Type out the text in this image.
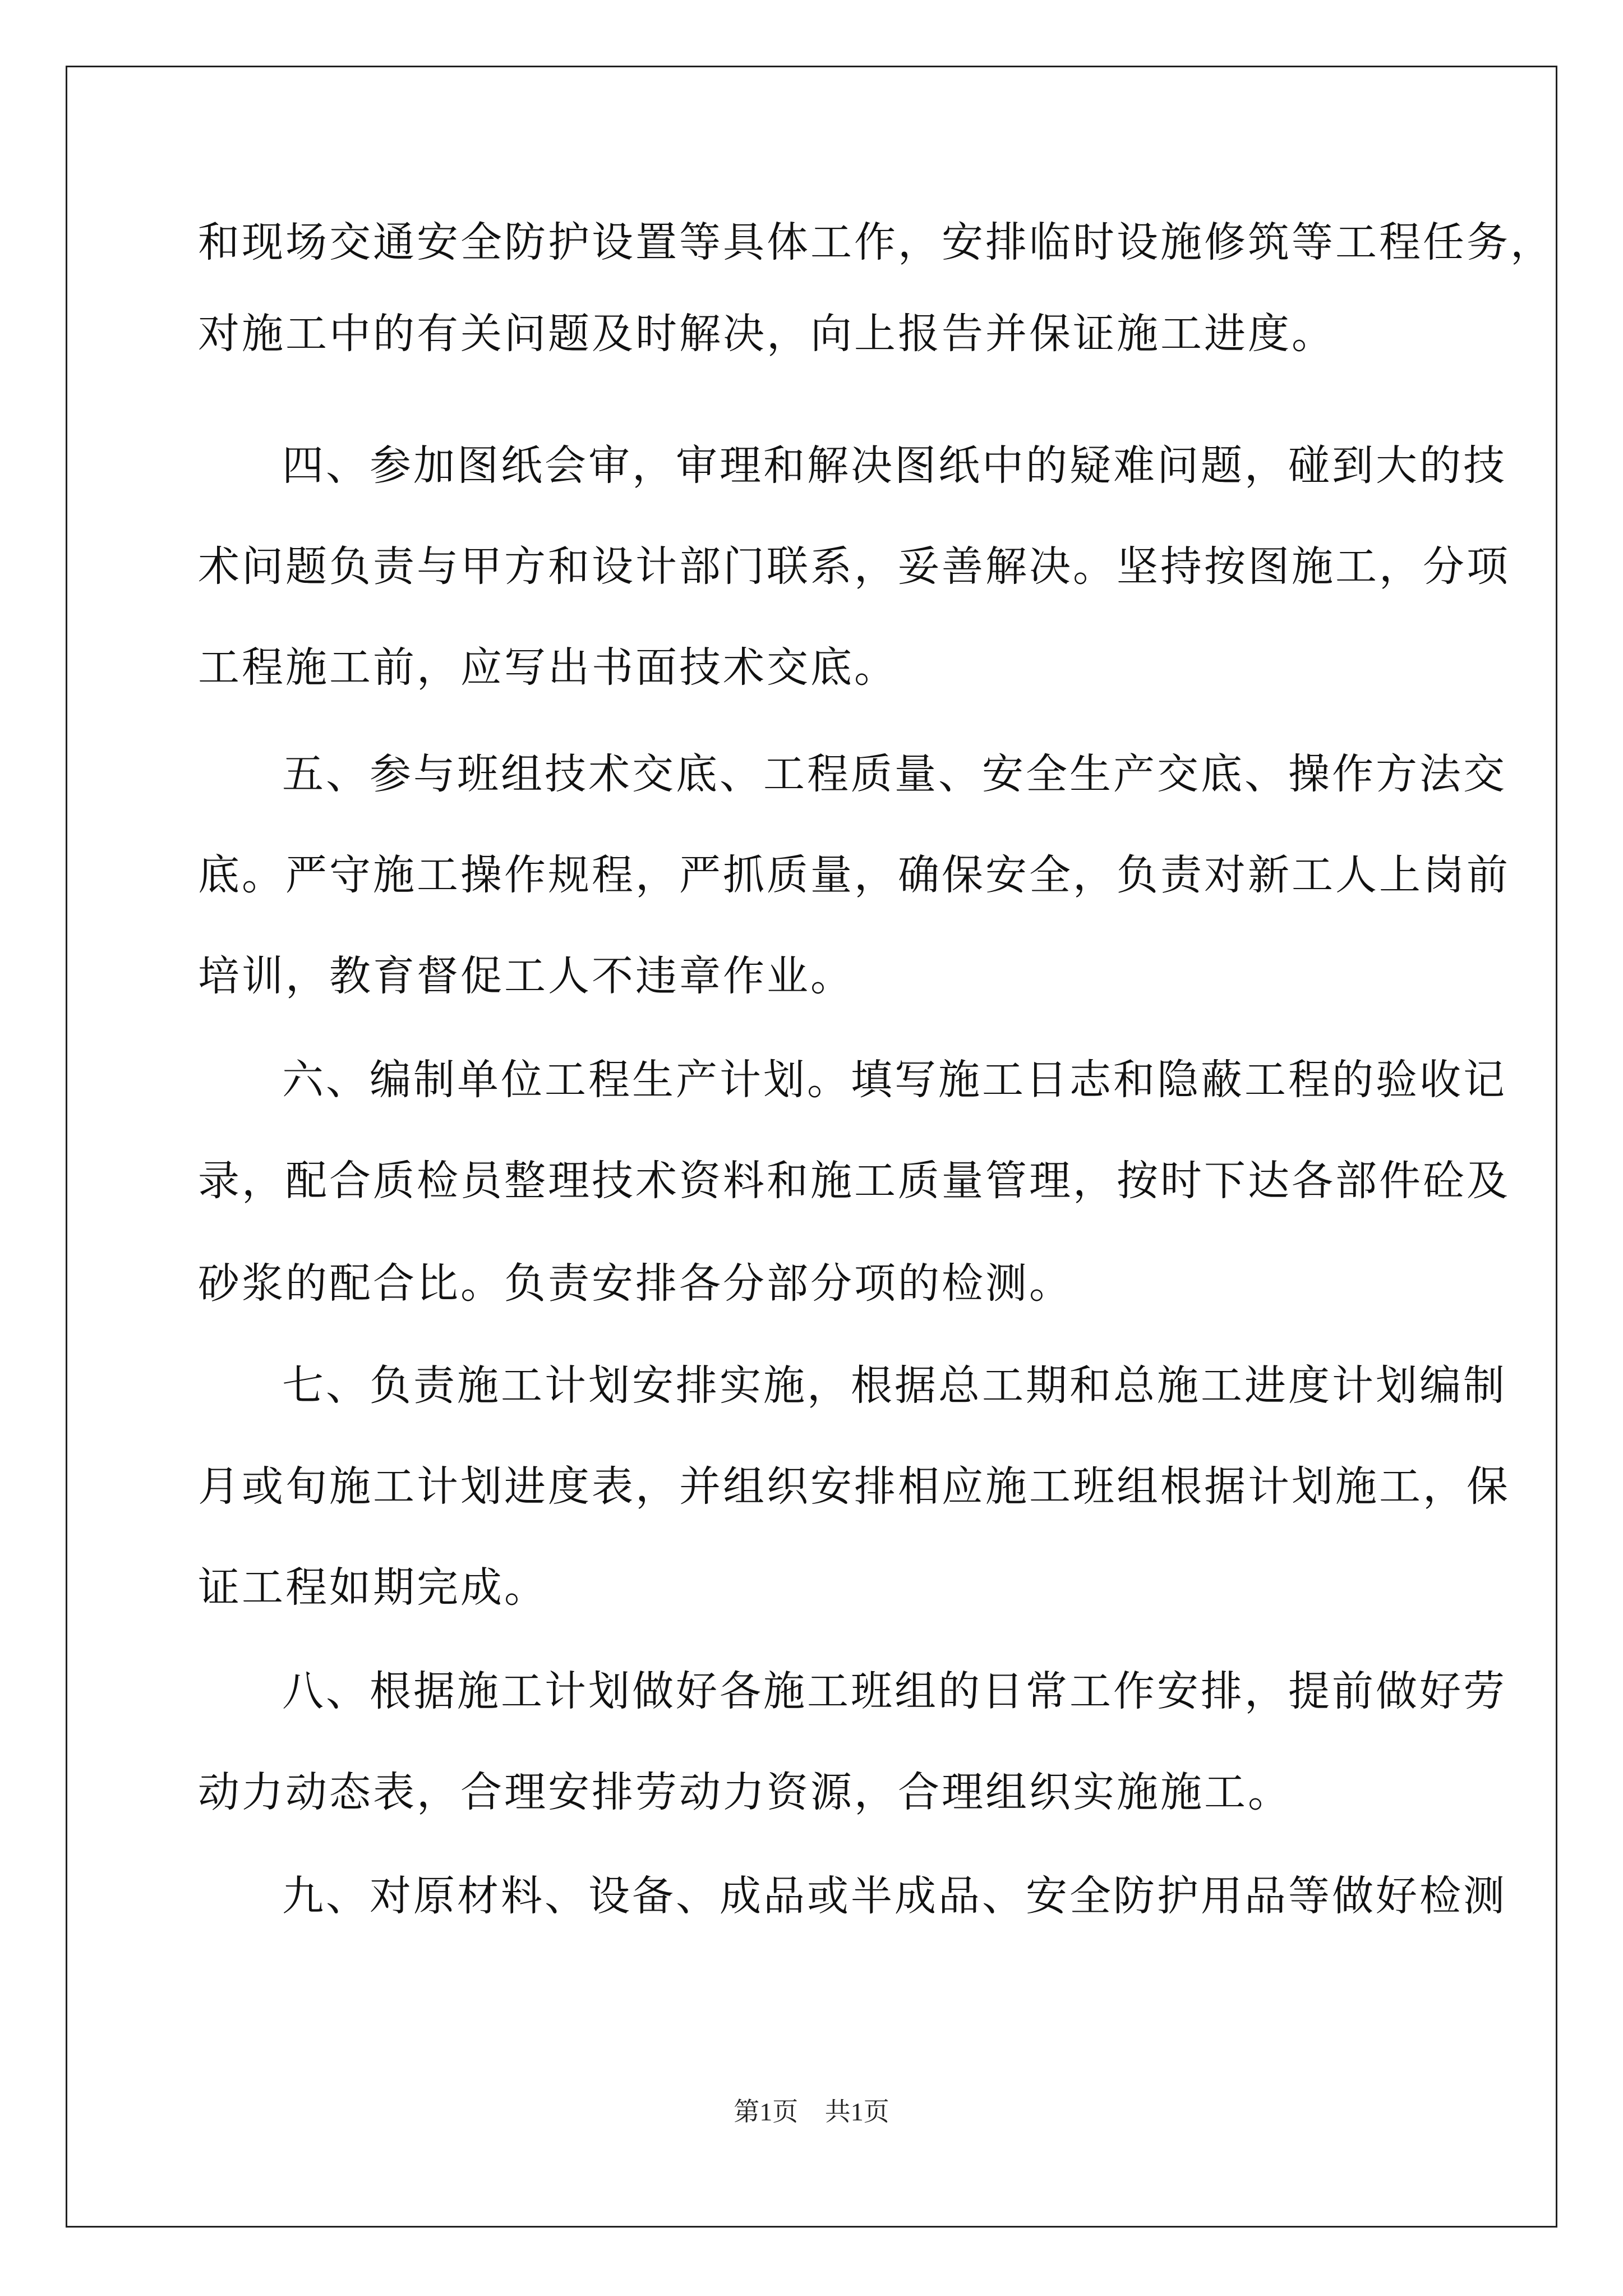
和现场交通安全防护设置等具体工作，安排临时设施修筑等工程任务，

对施工中的有关问题及时解决，向上报告并保证施工进度。

四、参加图纸会审，审理和解决图纸中的疑难问题，碰到大的技

术问题负责与甲方和设计部门联系，妥善解决。坚持按图施工，分项

工程施工前，应写出书面技术交底。

五、参与班组技术交底、工程质量、安全生产交底、操作方法交

底。严守施工操作规程，严抓质量，确保安全，负责对新工人上岗前

培训，教育督促工人不违章作业。

六、编制单位工程生产计划。填写施工日志和隐蔽工程的验收记

录，配合质检员整理技术资料和施工质量管理，按时下达各部件砼及

砂浆的配合比。负责安排各分部分项的检测。

七、负责施工计划安排实施，根据总工期和总施工进度计划编制

月或旬施工计划进度表，并组织安排相应施工班组根据计划施工，保

证工程如期完成。

八、根据施工计划做好各施工班组的日常工作安排，提前做好劳

动力动态表，合理安排劳动力资源，合理组织实施施工。

九、对原材料、设备、成品或半成品、安全防护用品等做好检测

第1页 共1页
